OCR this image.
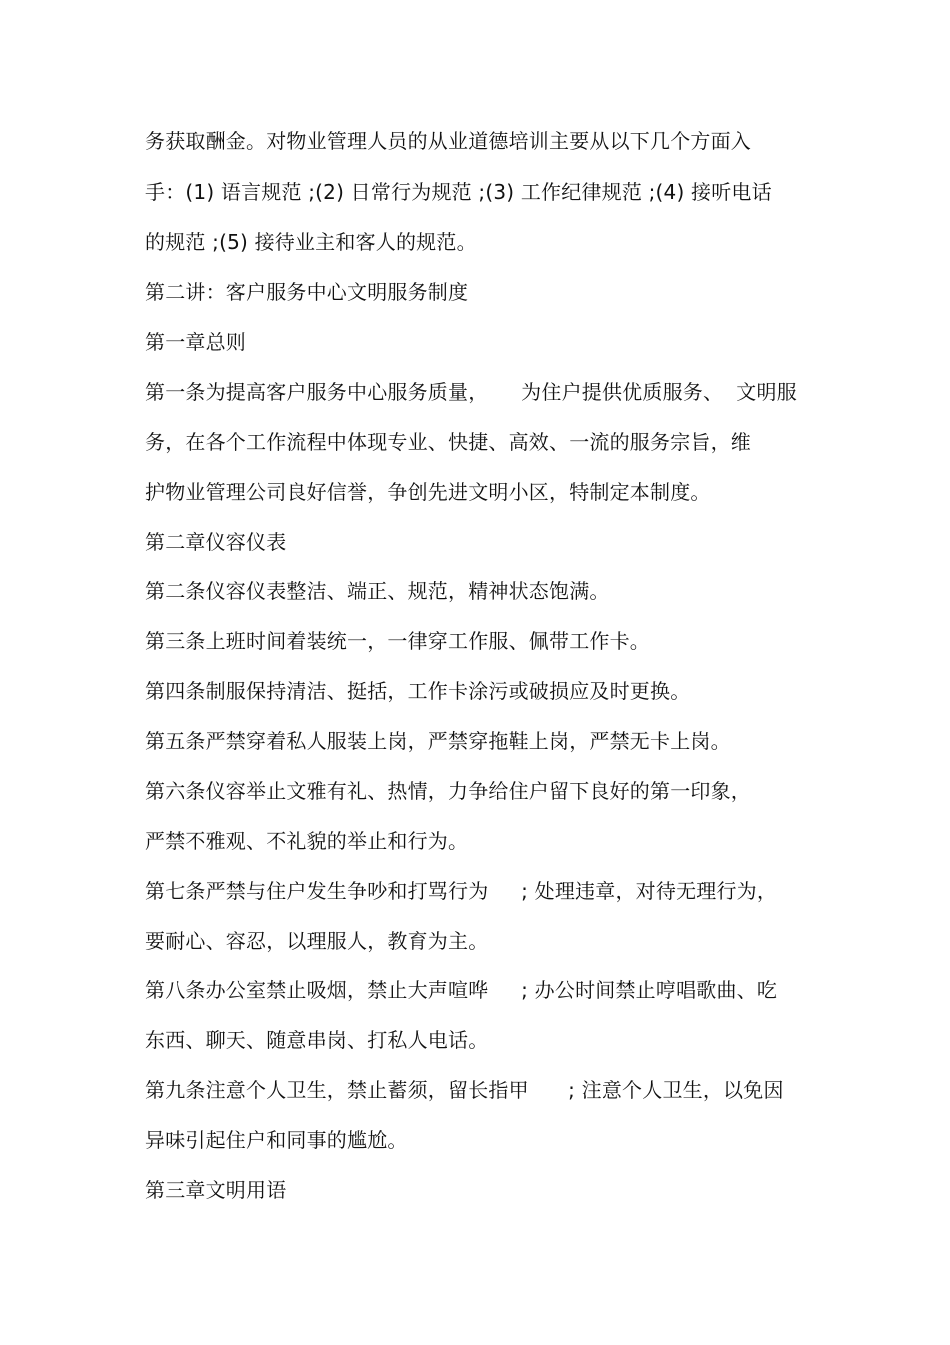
务获取酬金。对物业管理人员的从业道德培训主要从以下几个方面入
手：(1) 语言规范 ;(2) 日常行为规范 ;(3) 工作纪律规范 ;(4) 接听电话
的规范 ;(5) 接待业主和客人的规范。
第二讲：客户服务中心文明服务制度
第一章总则
第一条为提高客户服务中心服务质量，     为住户提供优质服务、  文明服
务，在各个工作流程中体现专业、快捷、高效、一流的服务宗旨，维
护物业管理公司良好信誉，争创先进文明小区，特制定本制度。
第二章仪容仪表
第二条仪容仪表整洁、端正、规范，精神状态饱满。
第三条上班时间着装统一，一律穿工作服、佩带工作卡。
第四条制服保持清洁、挺括，工作卡涂污或破损应及时更换。
第五条严禁穿着私人服装上岗，严禁穿拖鞋上岗，严禁无卡上岗。
第六条仪容举止文雅有礼、热情，力争给住户留下良好的第一印象，
严禁不雅观、不礼貌的举止和行为。
第七条严禁与住户发生争吵和打骂行为     ; 处理违章，对待无理行为，
要耐心、容忍，以理服人，教育为主。
第八条办公室禁止吸烟，禁止大声喧哗     ; 办公时间禁止哼唱歌曲、吃
东西、聊天、随意串岗、打私人电话。
第九条注意个人卫生，禁止蓄须，留长指甲      ; 注意个人卫生，以免因
异味引起住户和同事的尴尬。
第三章文明用语
